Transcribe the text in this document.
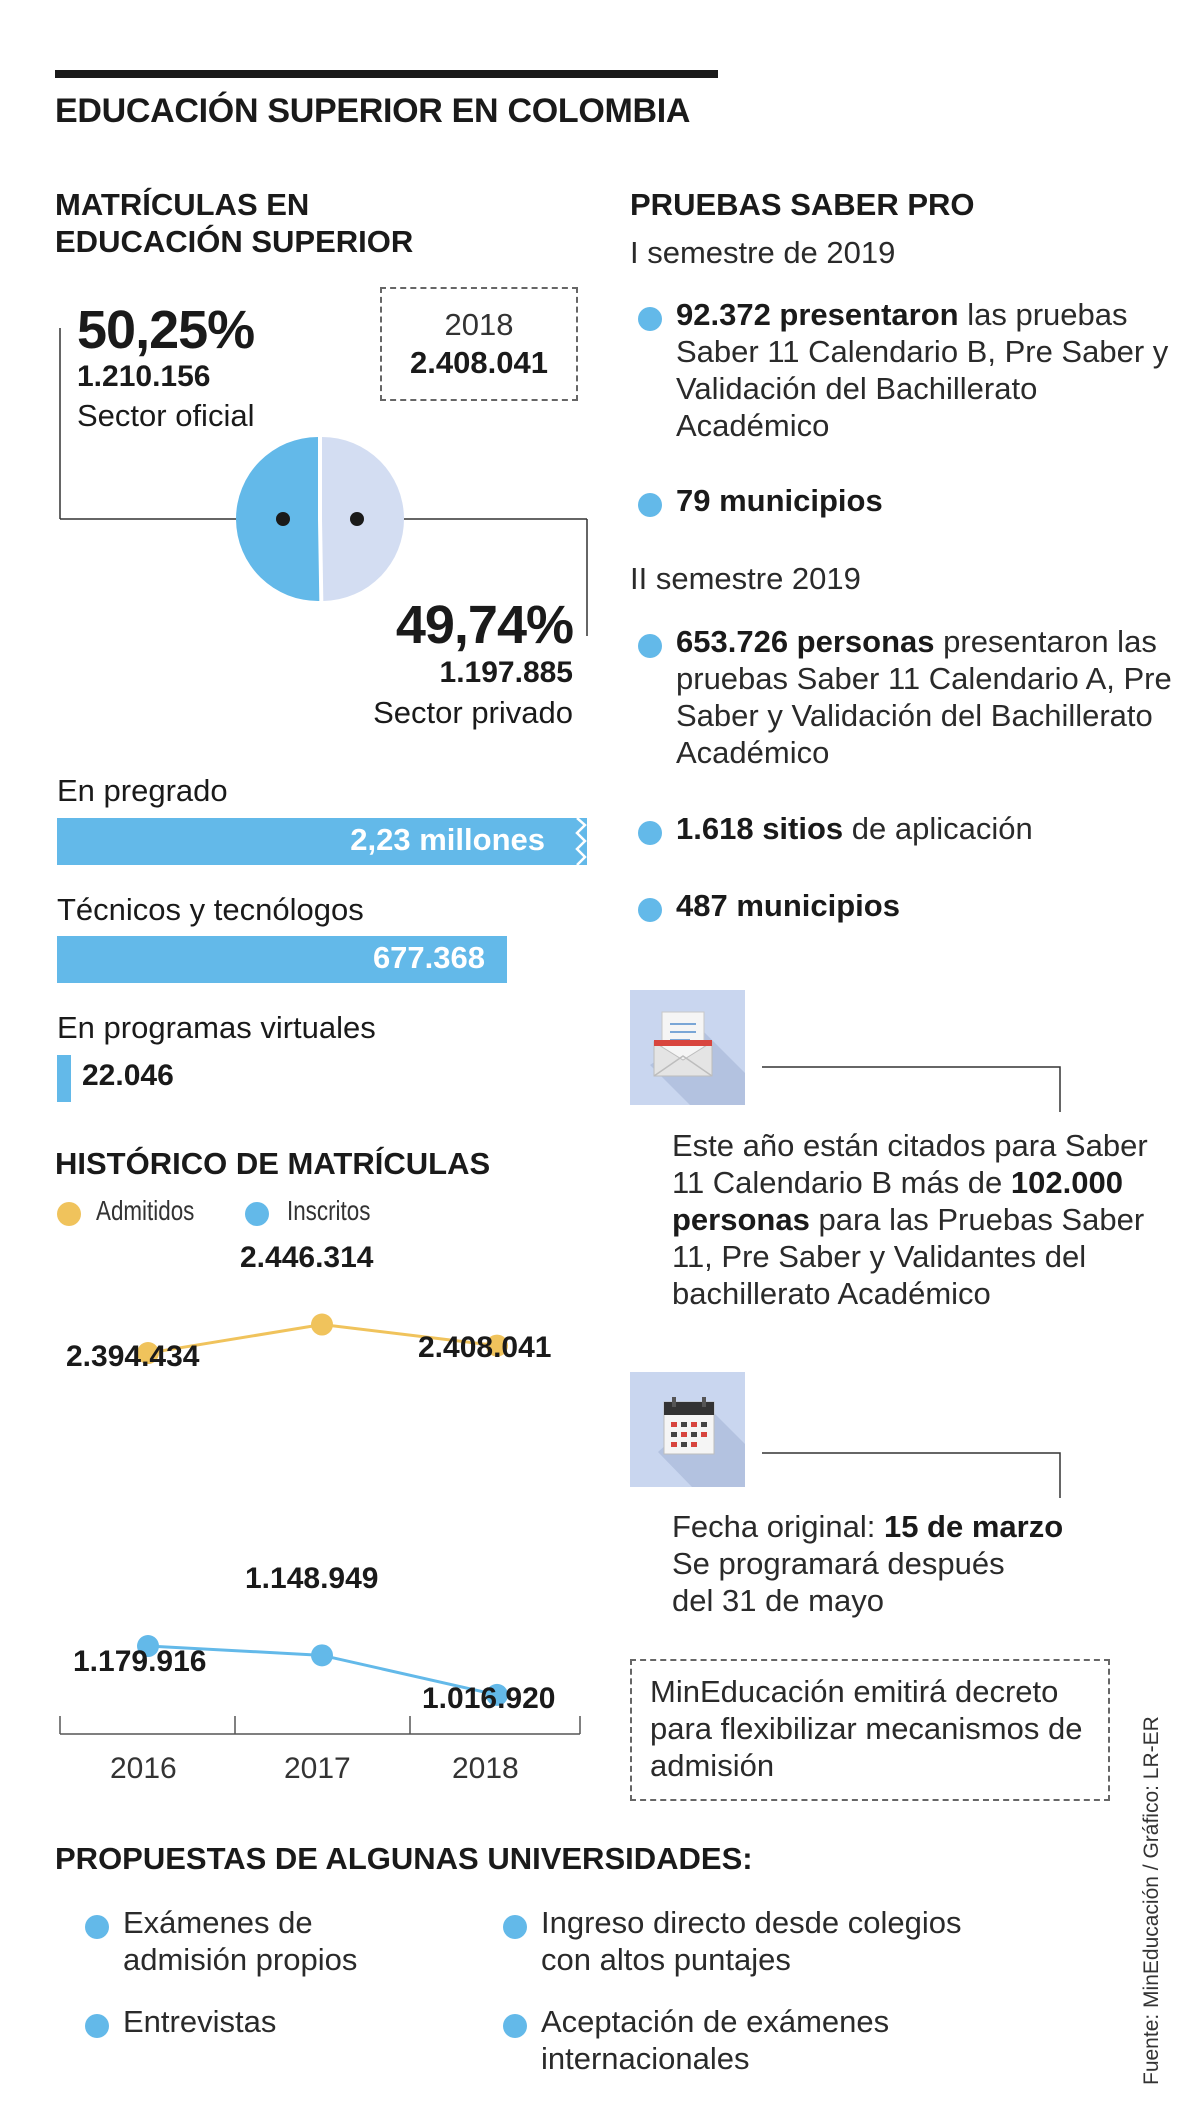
EDUCACIÓN SUPERIOR EN COLOMBIA
MATRÍCULAS EN
EDUCACIÓN SUPERIOR
50,25%
1.210.156
Sector oficial
2018
2.408.041
49,74%
1.197.885
Sector privado
En pregrado
2,23 millones
Técnicos y tecnólogos
677.368
En programas virtuales
22.046
HISTÓRICO DE MATRÍCULAS
Admitidos	Inscritos
2.394.434
2.446.314
2.408.041
1.179.916
1.148.949
1.016.920
2016	2017	2018
PRUEBAS SABER PRO
I semestre de 2019
92.372 presentaron las pruebas Saber 11 Calendario B, Pre Saber y Validación del Bachillerato Académico
79 municipios
II semestre 2019
653.726 personas presentaron las pruebas Saber 11 Calendario A, Pre Saber y Validación del Bachillerato Académico
1.618 sitios de aplicación
487 municipios
Este año están citados para Saber 11 Calendario B más de 102.000 personas para las Pruebas Saber 11, Pre Saber y Validantes del bachillerato Académico
Fecha original: 15 de marzo
Se programará después
del 31 de mayo
MinEducación emitirá decreto para flexibilizar mecanismos de admisión
PROPUESTAS DE ALGUNAS UNIVERSIDADES:
Exámenes de admisión propios
Ingreso directo desde colegios con altos puntajes
Entrevistas	Aceptación de exámenes internacionales	Fuente: MinEducación / Gráfico: LR-ER
